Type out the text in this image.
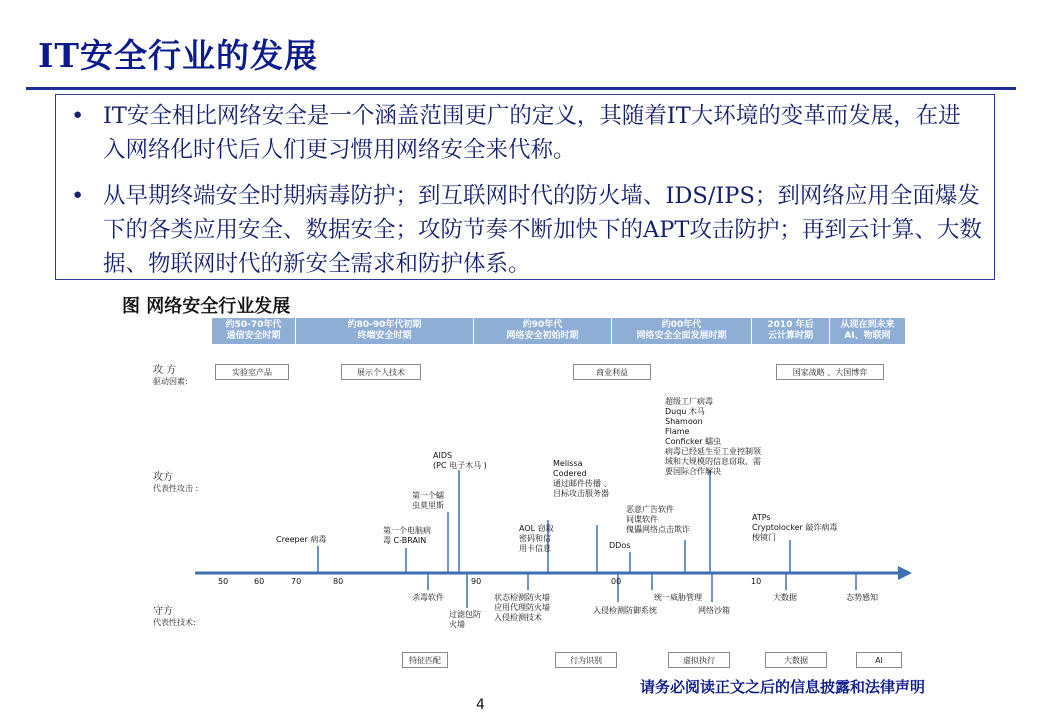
IT安全行业的发展
• IT安全相比网络安全是一个涵盖范围更广的定义，其随着IT大环境的变革而发展，在进入网络化时代后人们更习惯用网络安全来代称。
• 从早期终端安全时期病毒防护；到互联网时代的防火墙、IDS/IPS；到网络应用全面爆发下的各类应用安全、数据安全；攻防节奏不断加快下的APT攻击防护；再到云计算、大数据、物联网时代的新安全需求和防护体系。
图 网络安全行业发展
约50-70年代
通信安全时期
约80-90年代初期
终端安全时期
约90年代
网络安全初始时期
约00年代
网络安全全面发展时期
2010 年后
云计算时期
从现在到未来
AI、物联网
攻 方
驱动因素:
攻方
代表性攻击 :
守方
代表性技术:
实验室产品	展示个人技术	商业利益	国家战略 、大国博弈
50	60	70	80	90	00	10
Creeper 病毒
第一个电脑病
毒 C-BRAIN
第一个蠕
虫莫里斯
AIDS
(PC 电子木马 )	Melissa
Codered
通过邮件传播 、
目标攻击服务器
AOL 窃取
密码和信
用卡信息	DDos
恶意广告软件
间谍软件
傀儡网络点击欺诈
超级工厂病毒
Duqu 木马
Shamoon
Flame
Conficker 蠕虫
病毒已经延生至工业控制领
域和大规模的信息窃取，需
要国际合作解决
ATPs
Cryptolocker 敲诈病毒
梭镜门
杀毒软件
过滤包防
火墙
状态检测防火墙
应用代理防火墙
入侵检测技术
入侵检测防御系统
统一威胁管理
网络沙箱
大数据	态势感知
特征匹配	行为识别	虚拟执行	大数据	AI
请务必阅读正文之后的信息披露和法律声明
4
